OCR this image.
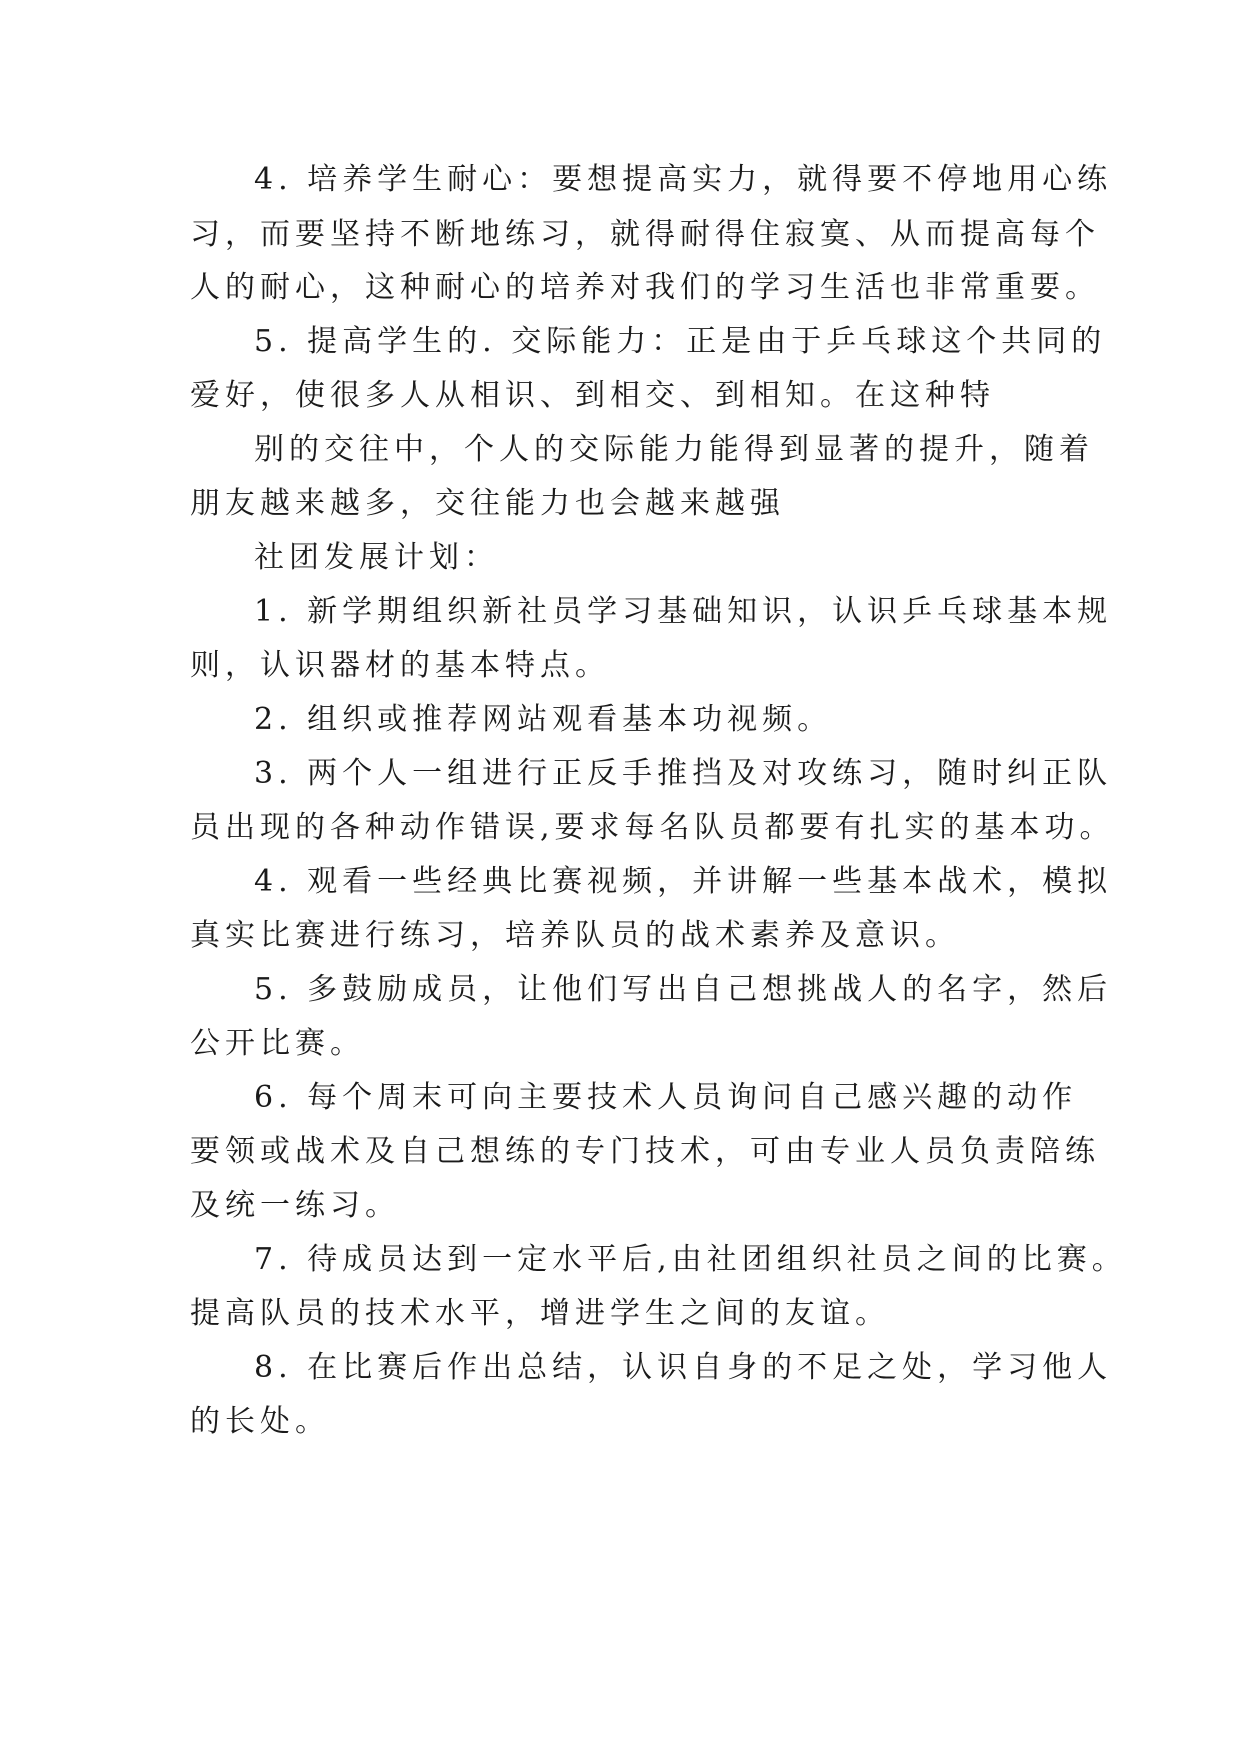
4. 培养学生耐心：要想提高实力，就得要不停地用心练
习，而要坚持不断地练习，就得耐得住寂寞、从而提高每个
人的耐心，这种耐心的培养对我们的学习生活也非常重要。
5. 提高学生的. 交际能力：正是由于乒乓球这个共同的
爱好，使很多人从相识、到相交、到相知。在这种特
别的交往中，个人的交际能力能得到显著的提升，随着
朋友越来越多，交往能力也会越来越强
社团发展计划：
1. 新学期组织新社员学习基础知识，认识乒乓球基本规
则，认识器材的基本特点。
2. 组织或推荐网站观看基本功视频。
3. 两个人一组进行正反手推挡及对攻练习，随时纠正队
员出现的各种动作错误,要求每名队员都要有扎实的基本功。
4. 观看一些经典比赛视频，并讲解一些基本战术，模拟
真实比赛进行练习，培养队员的战术素养及意识。
5. 多鼓励成员，让他们写出自己想挑战人的名字，然后
公开比赛。
6. 每个周末可向主要技术人员询问自己感兴趣的动作
要领或战术及自己想练的专门技术，可由专业人员负责陪练
及统一练习。
7. 待成员达到一定水平后,由社团组织社员之间的比赛。
提高队员的技术水平，增进学生之间的友谊。
8. 在比赛后作出总结，认识自身的不足之处，学习他人
的长处。
